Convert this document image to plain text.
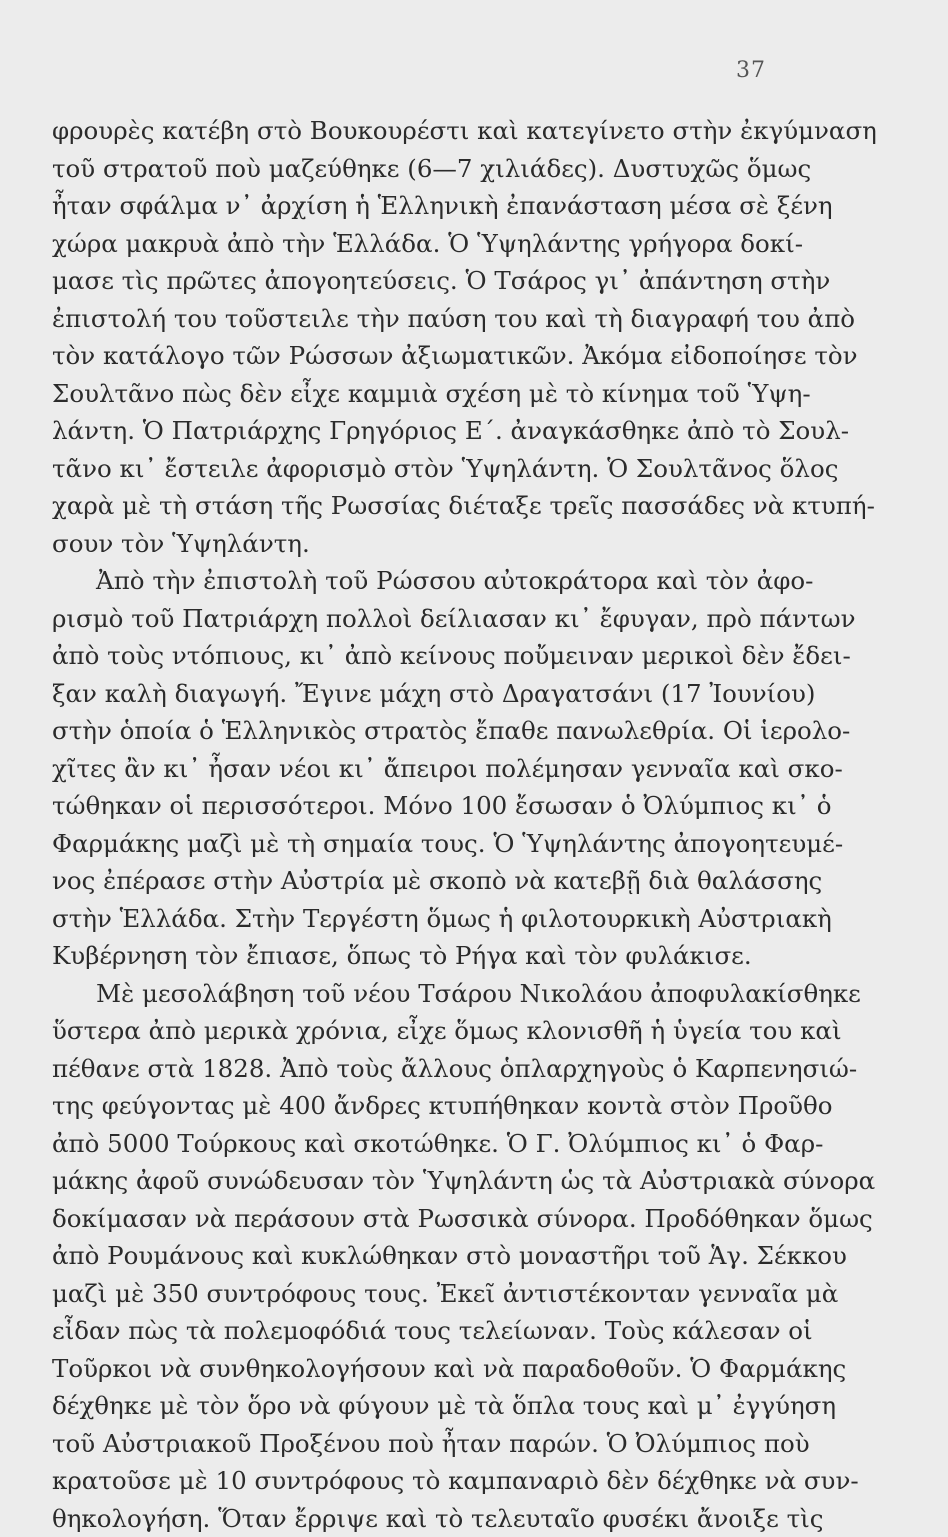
37
φρουρὲς κατέβη στὸ Βουκουρέστι καὶ κατεγίνετο στὴν ἐκγύμναση
τοῦ στρατοῦ ποὺ μαζεύθηκε (6—7 χιλιάδες). Δυστυχῶς ὅμως
ἦταν σφάλμα ν᾽ ἀρχίση ἡ Ἑλληνικὴ ἐπανάσταση μέσα σὲ ξένη
χώρα μακρυὰ ἀπὸ τὴν Ἑλλάδα. Ὁ Ὑψηλάντης γρήγορα δοκί-
μασε τὶς πρῶτες ἀπογοητεύσεις. Ὁ Τσάρος γι᾽ ἀπάντηση στὴν
ἐπιστολή του τοῦστειλε τὴν παύση του καὶ τὴ διαγραφή του ἀπὸ
τὸν κατάλογο τῶν Ρώσσων ἀξιωματικῶν. Ἀκόμα εἰδοποίησε τὸν
Σουλτᾶνο πὼς δὲν εἶχε καμμιὰ σχέση μὲ τὸ κίνημα τοῦ Ὑψη-
λάντη. Ὁ Πατριάρχης Γρηγόριος Ε΄. ἀναγκάσθηκε ἀπὸ τὸ Σουλ-
τᾶνο κι᾽ ἔστειλε ἀφορισμὸ στὸν Ὑψηλάντη. Ὁ Σουλτᾶνος ὅλος
χαρὰ μὲ τὴ στάση τῆς Ρωσσίας διέταξε τρεῖς πασσάδες νὰ κτυπή-
σουν τὸν Ὑψηλάντη.
Ἀπὸ τὴν ἐπιστολὴ τοῦ Ρώσσου αὐτοκράτορα καὶ τὸν ἀφο-
ρισμὸ τοῦ Πατριάρχη πολλοὶ δείλιασαν κι᾽ ἔφυγαν, πρὸ πάντων
ἀπὸ τοὺς ντόπιους, κι᾽ ἀπὸ κείνους ποὔμειναν μερικοὶ δὲν ἔδει-
ξαν καλὴ διαγωγή. Ἔγινε μάχη στὸ Δραγατσάνι (17 Ἰουνίου)
στὴν ὁποία ὁ Ἑλληνικὸς στρατὸς ἔπαθε πανωλεθρία. Οἱ ἱερολο-
χῖτες ἂν κι᾽ ἦσαν νέοι κι᾽ ἄπειροι πολέμησαν γενναῖα καὶ σκο-
τώθηκαν οἱ περισσότεροι. Μόνο 100 ἔσωσαν ὁ Ὀλύμπιος κι᾽ ὁ
Φαρμάκης μαζὶ μὲ τὴ σημαία τους. Ὁ Ὑψηλάντης ἀπογοητευμέ-
νος ἐπέρασε στὴν Αὐστρία μὲ σκοπὸ νὰ κατεβῇ διὰ θαλάσσης
στὴν Ἑλλάδα. Στὴν Τεργέστη ὅμως ἡ φιλοτουρκικὴ Αὐστριακὴ
Κυβέρνηση τὸν ἔπιασε, ὅπως τὸ Ρήγα καὶ τὸν φυλάκισε.
Μὲ μεσολάβηση τοῦ νέου Τσάρου Νικολάου ἀποφυλακίσθηκε
ὕστερα ἀπὸ μερικὰ χρόνια, εἶχε ὅμως κλονισθῆ ἡ ὑγεία του καὶ
πέθανε στὰ 1828. Ἀπὸ τοὺς ἄλλους ὁπλαρχηγοὺς ὁ Καρπενησιώ-
της φεύγοντας μὲ 400 ἄνδρες κτυπήθηκαν κοντὰ στὸν Προῦθο
ἀπὸ 5000 Τούρκους καὶ σκοτώθηκε. Ὁ Γ. Ὀλύμπιος κι᾽ ὁ Φαρ-
μάκης ἀφοῦ συνώδευσαν τὸν Ὑψηλάντη ὡς τὰ Αὐστριακὰ σύνορα
δοκίμασαν νὰ περάσουν στὰ Ρωσσικὰ σύνορα. Προδόθηκαν ὅμως
ἀπὸ Ρουμάνους καὶ κυκλώθηκαν στὸ μοναστῆρι τοῦ Ἁγ. Σέκκου
μαζὶ μὲ 350 συντρόφους τους. Ἐκεῖ ἀντιστέκονταν γενναῖα μὰ
εἶδαν πὼς τὰ πολεμοφόδιά τους τελείωναν. Τοὺς κάλεσαν οἱ
Τοῦρκοι νὰ συνθηκολογήσουν καὶ νὰ παραδοθοῦν. Ὁ Φαρμάκης
δέχθηκε μὲ τὸν ὅρο νὰ φύγουν μὲ τὰ ὅπλα τους καὶ μ᾽ ἐγγύηση
τοῦ Αὐστριακοῦ Προξένου ποὺ ἦταν παρών. Ὁ Ὀλύμπιος ποὺ
κρατοῦσε μὲ 10 συντρόφους τὸ καμπαναριὸ δὲν δέχθηκε νὰ συν-
θηκολογήση. Ὅταν ἔρριψε καὶ τὸ τελευταῖο φυσέκι ἄνοιξε τὶς
